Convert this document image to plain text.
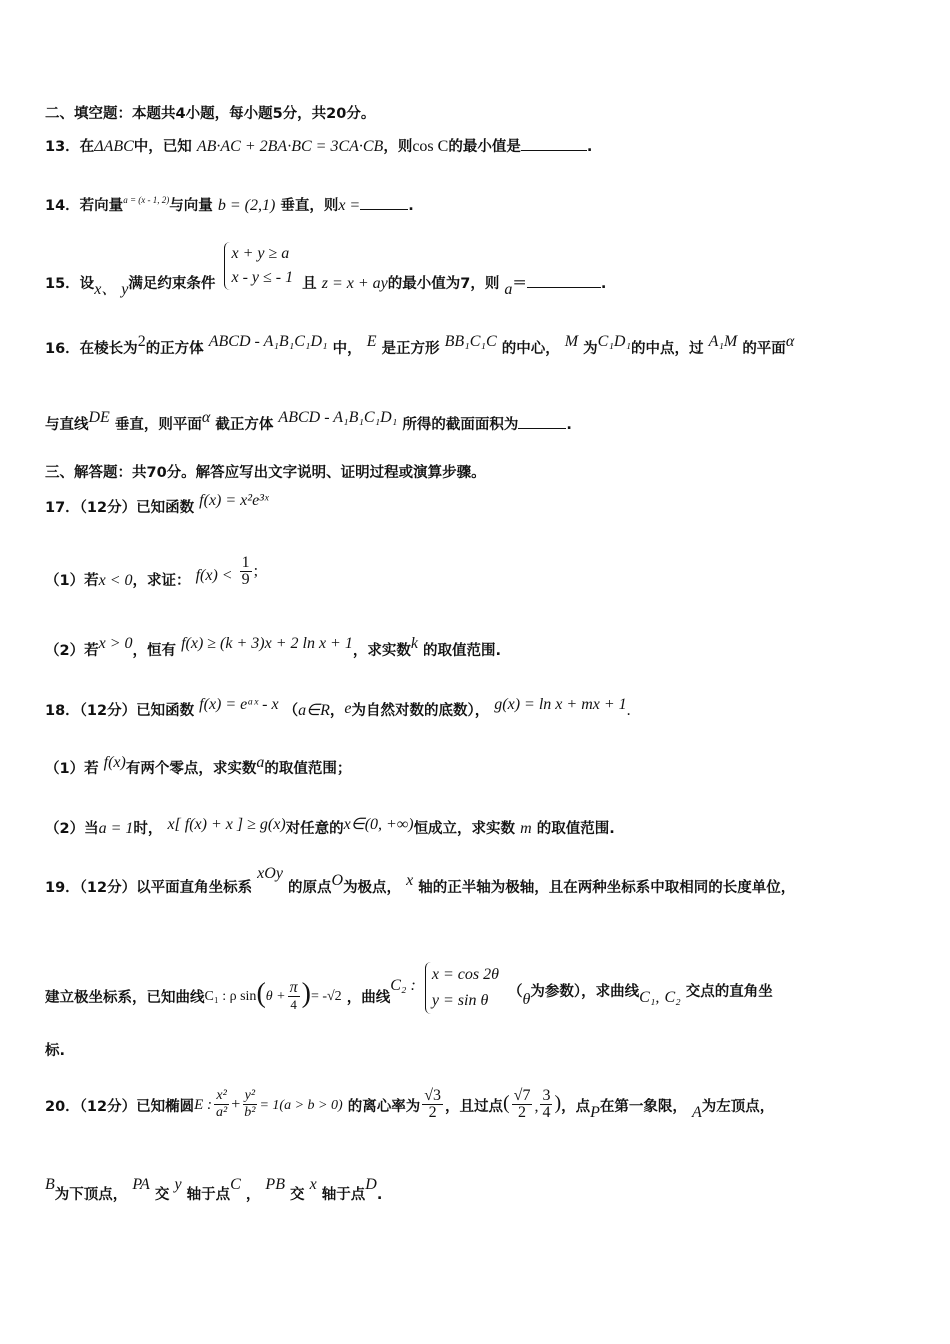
二、填空题：本题共4小题，每小题5分，共20分。
13．在ΔABC中，已知 AB·AC + 2BA·BC = 3CA·CB，则cos C的最小值是	.
14．若向量$^{a = (x - 1, 2)}$与向量 b = (2,1) 垂直，则x =	.
15．设x、 y满足约束条件
x + y ≥ a
x - y ≤ - 1 且 z = x + ay的最小值为7，则 a＝	.
16．在棱长为2的正方体 ABCD - A₁B₁C₁D₁ 中， E 是正方形 BB₁C₁C 的中心， M 为C₁D₁的中点，过 A₁M 的平面α
与直线DE 垂直，则平面α 截正方体 ABCD - A₁B₁C₁D₁ 所得的截面面积为	.
三、解答题：共70分。解答应写出文字说明、证明过程或演算步骤。
17．（12分）已知函数 f(x) = x²e³ˣ
（1）若x < 0，求证： $f(x) < \frac{1}{9}$ ;
（2）若x > 0，恒有 f(x) ≥ (k + 3)x + 2 ln x + 1，求实数k 的取值范围.
18．（12分）已知函数 f(x) = eᵃˣ - x （a∈R，e为自然对数的底数）， g(x) = ln x + mx + 1.
（1）若 f(x)有两个零点，求实数a的取值范围；
（2）当a = 1时， x[ f(x) + x ] ≥ g(x)对任意的x∈(0, +∞)恒成立，求实数 m 的取值范围.
19．（12分）以平面直角坐标系 xOy 的原点O为极点， x 轴的正半轴为极轴，且在两种坐标系中取相同的长度单位，
建立极坐标系，已知曲线C₁ : ρ $\sin(\theta + \frac{\pi}{4}$ )= -√2 ，曲线C₂ :
x = cos 2θ
y = sin θ	（θ为参数），求曲线C₁, C₂ 交点的直角坐
标.
20．（12分）已知椭圆E : $\frac{\text{x²}}{\text{a²}} + \frac{\text{y²}}{\text{b²}} = 1(a > b > 0)$ 的离心率为 $\frac{√3}{2}$ ，且过点( $\frac{√7}{2}$ , $\frac{3}{4}$ )，点P在第一象限， A为左顶点，
B为下顶点， PA 交 y 轴于点C ， PB 交 x 轴于点D.
